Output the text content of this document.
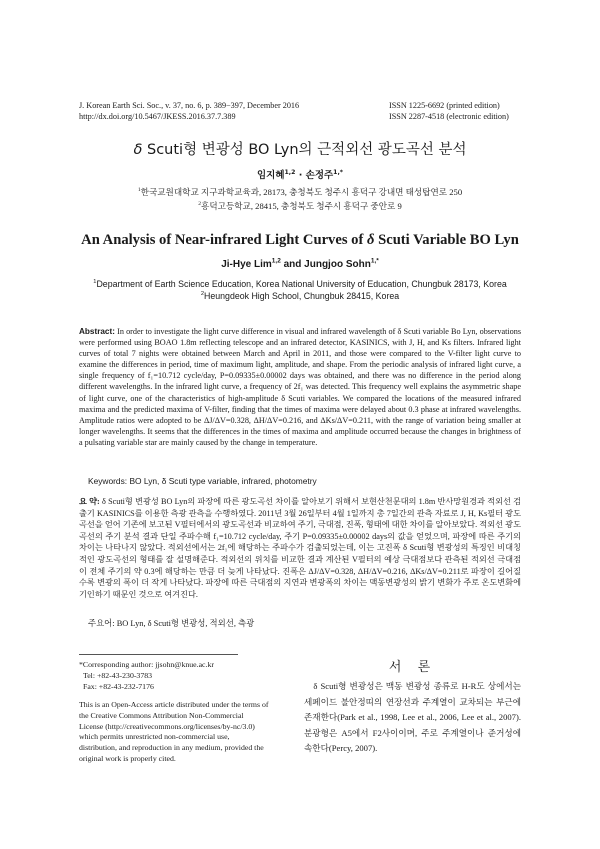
J. Korean Earth Sci. Soc., v. 37, no. 6, p. 389−397, December 2016
http://dx.doi.org/10.5467/JKESS.2016.37.7.389
ISSN 1225-6692 (printed edition)
ISSN 2287-4518 (electronic edition)
δ Scuti형 변광성 BO Lyn의 근적외선 광도곡선 분석
임지혜$^{1,2}$ · 손정주$^{1,*}$
$^1$한국교원대학교 지구과학교육과, 28173, 충청북도 청주시 흥덕구 강내면 태성탑연로 250
$^2$흥덕고등학교, 28415, 충청북도 청주시 흥덕구 중안로 9
An Analysis of Near-infrared Light Curves of δ Scuti Variable BO Lyn
Ji-Hye Lim$^{1,2}$ and Jungjoo Sohn$^{1,*}$
$^1$Department of Earth Science Education, Korea National University of Education, Chungbuk 28173, Korea
$^2$Heungdeok High School, Chungbuk 28415, Korea
Abstract: In order to investigate the light curve difference in visual and infrared wavelength of δ Scuti variable Bo Lyn, observations were performed using BOAO 1.8m reflecting telescope and an infrared detector, KASINICS, with J, H, and Ks filters. Infrared light curves of total 7 nights were obtained between March and April in 2011, and those were compared to the V-filter light curve to examine the differences in period, time of maximum light, amplitude, and shape. From the periodic analysis of infrared light curve, a single frequency of f₁=10.712 cycle/day, P=0.09335±0.00002 days was obtained, and there was no difference in the period along different wavelengths. In the infrared light curve, a frequency of 2f₁ was detected. This frequency well explains the asymmetric shape of light curve, one of the characteristics of high-amplitude δ Scuti variables. We compared the locations of the measured infrared maxima and the predicted maxima of V-filter, finding that the times of maxima were delayed about 0.3 phase at infrared wavelengths. Amplitude ratios were adopted to be ΔJ/ΔV=0.328, ΔH/ΔV=0.216, and ΔKs/ΔV=0.211, with the range of variation being smaller at longer wavelengths. It seems that the differences in the times of maxima and amplitude occurred because the changes in brightness of a pulsating variable star are mainly caused by the change in temperature.
Keywords: BO Lyn, δ Scuti type variable, infrared, photometry
요 약: δ Scuti형 변광성 BO Lyn의 파장에 따른 광도곡선 차이를 알아보기 위해서 보현산천문대의 1.8m 반사망원경과 적외선 검출기 KASINICS를 이용한 측광 관측을 수행하였다. 2011년 3월 26일부터 4월 1일까지 총 7일간의 관측 자료로 J, H, Ks필터 광도곡선을 얻어 기존에 보고된 V필터에서의 광도곡선과 비교하여 주기, 극대점, 진폭, 형태에 대한 차이를 알아보았다. 적외선 광도곡선의 주기 분석 결과 단일 주파수해 f₁=10.712 cycle/day, 주기 P=0.09335±0.00002 days의 값을 얻었으며, 파장에 따른 주기의 차이는 나타나지 않았다. 적외선에서는 2f₁에 해당하는 주파수가 검출되었는데, 이는 고진폭 δ Scuti형 변광성의 특징인 비대칭적인 광도곡선의 형태를 잘 설명해준다. 적외선의 위치를 비교한 결과 계산된 V필터의 예상 극대점보다 관측된 적외선 극대점이 전체 주기의 약 0.3에 해당하는 만큼 더 늦게 나타났다. 진폭은 ΔJ/ΔV=0.328, ΔH/ΔV=0.216, ΔKs/ΔV=0.211로 파장이 길어질수록 변광의 폭이 더 작게 나타났다. 파장에 따른 극대점의 지연과 변광폭의 차이는 맥동변광성의 밝기 변화가 주로 온도변화에 기인하기 때문인 것으로 여겨진다.
주요어: BO Lyn, δ Scuti형 변광성, 적외선, 측광
*Corresponding author: jjsohn@knue.ac.kr
Tel: +82-43-230-3783
Fax: +82-43-232-7176
This is an Open-Access article distributed under the terms of the Creative Commons Attribution Non-Commercial License (http://creativecommons.org/licenses/by-nc/3.0) which permits unrestricted non-commercial use, distribution, and reproduction in any medium, provided the original work is properly cited.
서 론
δ Scuti형 변광성은 맥동 변광성 종류로 H-R도 상에서는 세페이드 불안정띠의 연장선과 주계열이 교차되는 부근에 존재한다(Park et al., 1998, Lee et al., 2006, Lee et al., 2007). 분광형은 A5에서 F2사이이며, 주로 주계열이나 준거성에 속한다(Percy, 2007).
